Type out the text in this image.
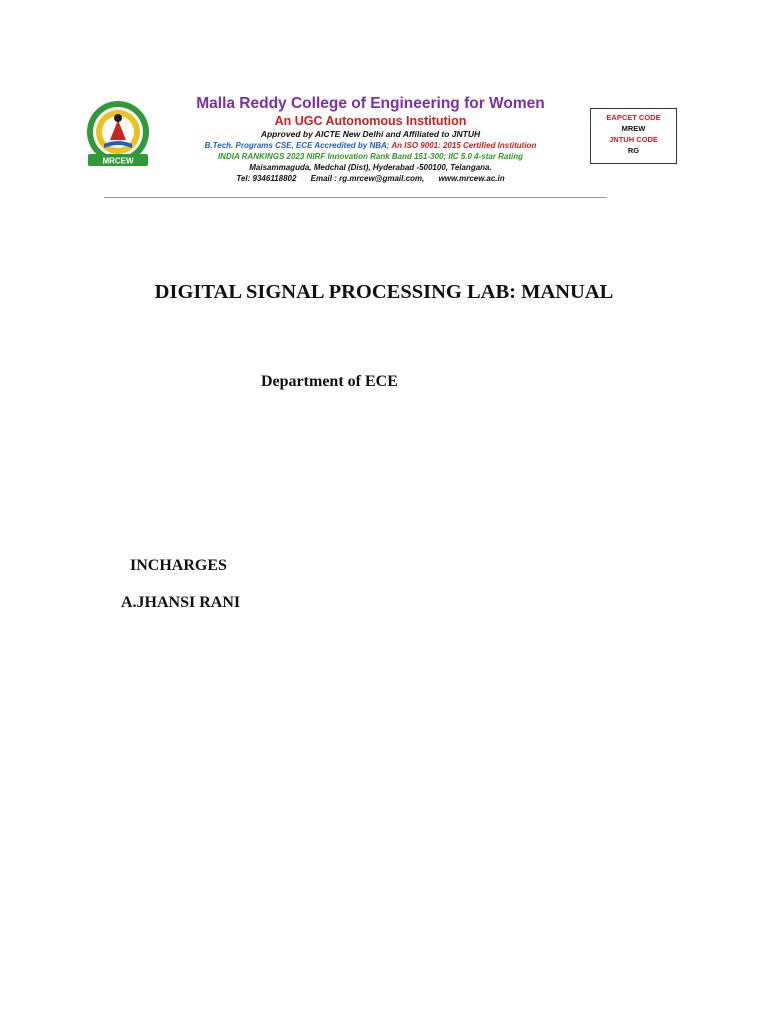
MRCEW
Malla Reddy College of Engineering for Women
An UGC Autonomous Institution
Approved by AICTE New Delhi and Affiliated to JNTUH
B.Tech. Programs CSE, ECE Accredited by NBA; An ISO 9001: 2015 Certified Institution
INDIA RANKINGS 2023 NIRF Innovation Rank Band 151-300; IIC 5.0 4-star Rating
Maisammaguda, Medchal (Dist), Hyderabad -500100, Telangana.
Tel: 9346118802 Email : rg.mrcew@gmail.com, www.mrcew.ac.in
EAPCET CODE
MREW
JNTUH CODE
RG
DIGITAL SIGNAL PROCESSING LAB: MANUAL
Department of ECE
INCHARGES
A.JHANSI RANI
